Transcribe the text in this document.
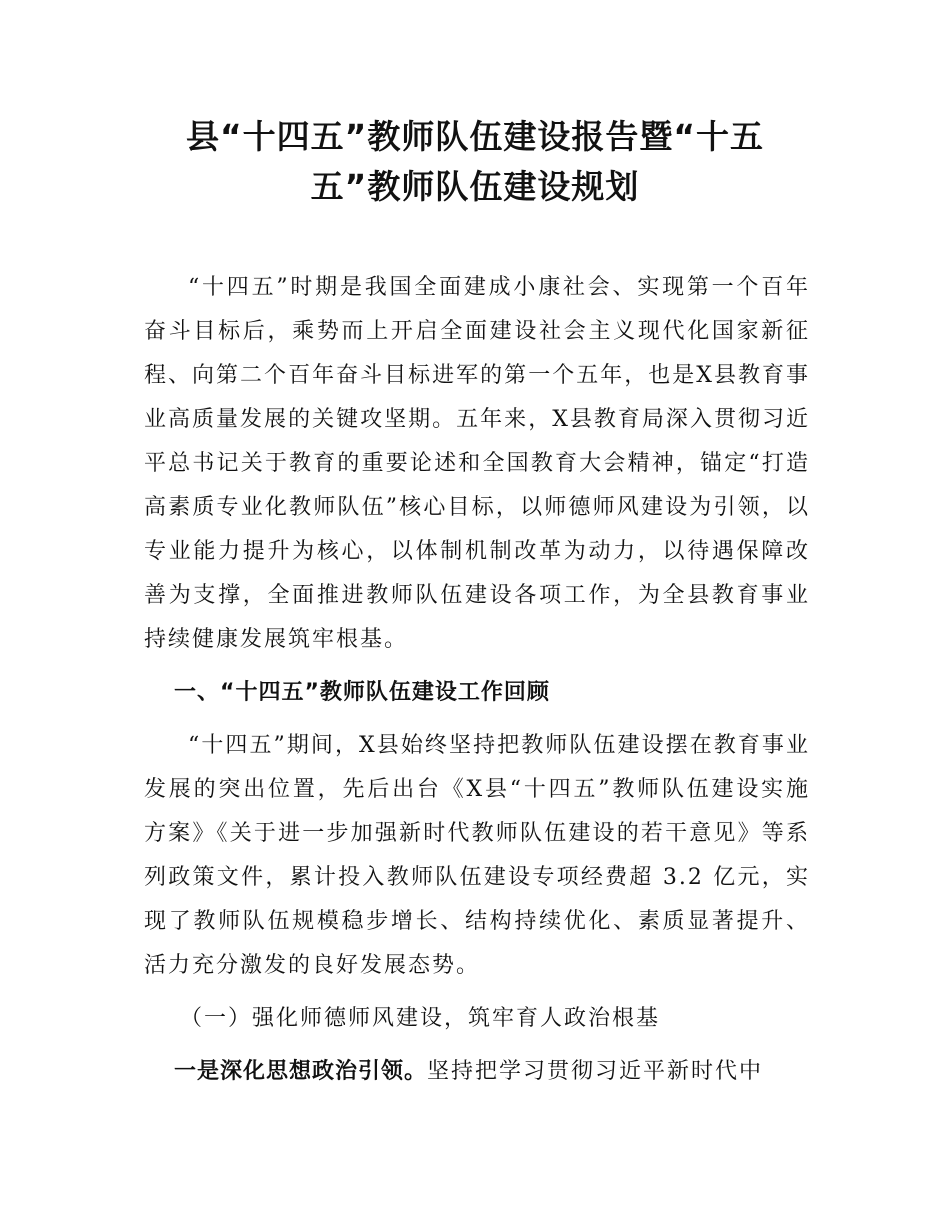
县“十四五”教师队伍建设报告暨“十五
五”教师队伍建设规划

“十四五”时期是我国全面建成小康社会、实现第一个百年奋斗目标后，乘势而上开启全面建设社会主义现代化国家新征程、向第二个百年奋斗目标进军的第一个五年，也是X县教育事业高质量发展的关键攻坚期。五年来，X县教育局深入贯彻习近平总书记关于教育的重要论述和全国教育大会精神，锚定“打造高素质专业化教师队伍”核心目标，以师德师风建设为引领，以专业能力提升为核心，以体制机制改革为动力，以待遇保障改善为支撑，全面推进教师队伍建设各项工作，为全县教育事业持续健康发展筑牢根基。

一、“十四五”教师队伍建设工作回顾

“十四五”期间，X县始终坚持把教师队伍建设摆在教育事业发展的突出位置，先后出台《X县“十四五”教师队伍建设实施方案》《关于进一步加强新时代教师队伍建设的若干意见》等系列政策文件，累计投入教师队伍建设专项经费超 3.2 亿元，实现了教师队伍规模稳步增长、结构持续优化、素质显著提升、活力充分激发的良好发展态势。

（一）强化师德师风建设，筑牢育人政治根基

一是深化思想政治引领。坚持把学习贯彻习近平新时代中
